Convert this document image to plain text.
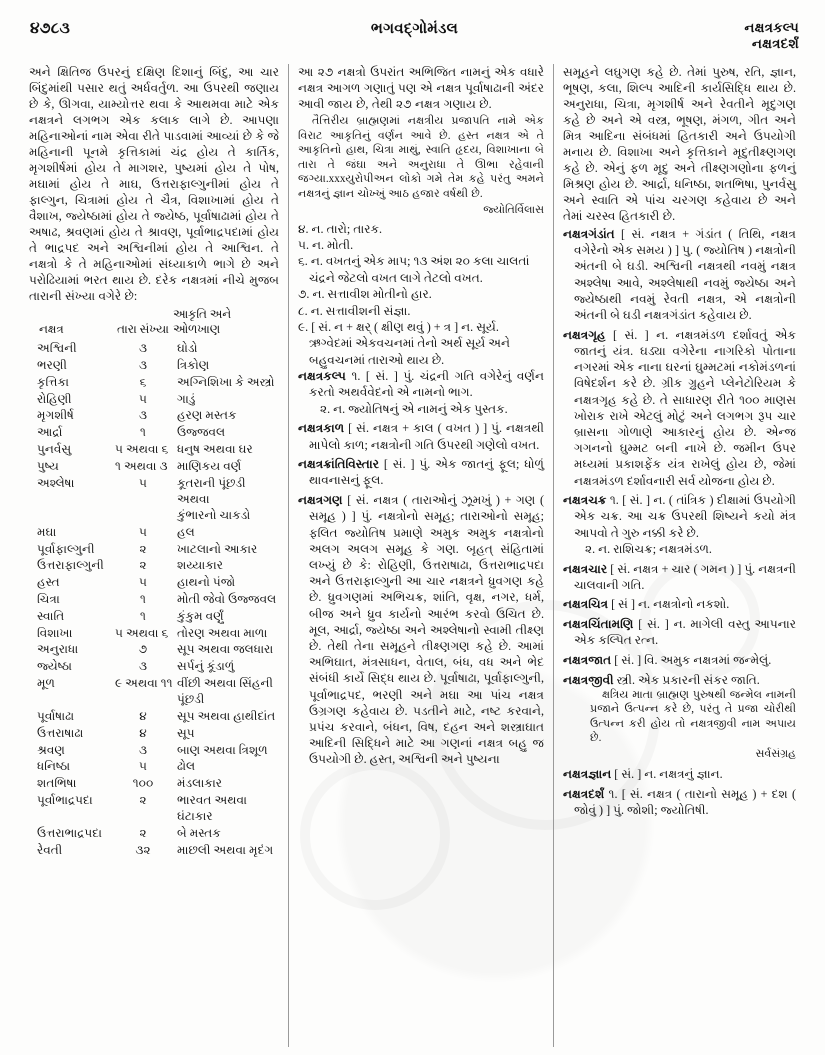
૪૭૮૩	ભગવદ્ગોમંડલ	નક્ષત્રકલ્પ
નક્ષત્રદર્શં

અને ક્ષિતિજ ઉપરનું દક્ષિણ દિશાનું બિંદુ, આ ચાર બિંદુમાંથી પસાર થતું અર્ધવર્તુળ. આ ઉપરથી જણાય છે કે, ઊગવા, યામ્યોત્તર થવા કે આથમવા માટે એક નક્ષત્રને લગભગ એક કલાક લાગે છે. આપણા મહિનાઓનાં નામ એવા રીતે પાડવામાં આવ્યાં છે કે જે મહિનાની પૂનમે કૃત્તિકામાં ચંદ્ર હોય તે કાર્તિક, મૃગશીર્ષમાં હોય તે માગશર, પુષ્યમાં હોય તે પોષ, મઘામાં હોય તે માઘ, ઉત્તરાફાલ્ગુનીમાં હોય તે ફાલ્ગુન, ચિત્રામાં હોય તે ચૈત્ર, વિશાખામાં હોય તે વૈશાખ, જ્યેષ્ઠામાં હોય તે જ્યેષ્ઠ, પૂર્વાષાઢામાં હોય તે અષાઢ, શ્રવણમાં હોય તે શ્રાવણ, પૂર્વાભાદ્રપદામાં હોય તે ભાદ્રપદ અને અશ્વિનીમાં હોય તે આશ્વિન. તે નક્ષત્રો કે તે મહિનાઓમાં સંધ્યાકાળે ભાગે છે અને પરોઢિયામાં ભરત થાય છે. દરેક નક્ષત્રમાં નીચે મુજબ તારાની સંખ્યા વગેરે છે:

નક્ષત્ર	તારા સંખ્યા	આકૃતિ અને ઓળખાણ
અશ્વિની	૩	ઘોડો
ભરણી	૩	ત્રિકોણ
કૃત્તિકા	૬	અગ્નિશિખા કે અસ્ત્રો
રોહિણી	૫	ગાડું
મૃગશીર્ષ	૩	હરણ મસ્તક
આર્દ્રા	૧	ઉજ્જવલ
પુનર્વસુ	૫ અથવા ૬	ધનુષ અથવા ઘર
પુષ્ય	૧ અથવા ૩	માણિકય વર્ણ
અશ્લેષા	૫	કૂતરાની પૂંછડી અથવા
કુંભારનો ચાકડો
મઘા	૫	હલ
પૂર્વાફાલ્ગુની	૨	ખાટલાનો આકાર
ઉત્તરાફાલ્ગુની	૨	શય્યાકાર
હસ્ત	૫	હાથનો પંજો
ચિત્રા	૧	મોતી જેવો ઉજ્જવલ
સ્વાતિ	૧	કુંકુમ વર્ણું
વિશાખા	૫ અથવા ૬	તોરણ અથવા માળા
અનુરાધા	૭	સૂપ અથવા જલધારા
જ્યેષ્ઠા	૩	સર્પનું કૂંડાળું
મૂળ	૯ અથવા ૧૧	વીંછી અથવા સિંહની
પૂંછડી
પૂર્વાષાઢા	૪	સૂપ અથવા હાથીદાંત
ઉત્તરાષાઢા	૪	સૂપ
શ્રવણ	૩	બાણ અથવા ત્રિશૂળ
ધનિષ્ઠા	૫	ઢોલ
શતભિષા	૧૦૦	મંડલાકાર
પૂર્વાભાદ્રપદા	૨	ભારવત અથવા ઘંટાકાર
ઉત્તરાભાદ્રપદા	૨	બે મસ્તક
રેવતી	૩૨	માછલી અથવા મૃદંગ

આ ૨૭ નક્ષત્રો ઉપરાંત અભિજિત નામનું એક વધારે નક્ષત્ર આગળ ગણાતું પણ એ નક્ષત્ર પૂર્વાષાઢાની અંદર આવી જાય છે, તેથી ૨૭ નક્ષત્ર ગણાય છે.

તૈત્તિરીય બ્રાહ્મણમાં નક્ષત્રીય પ્રજાપતિ નામે એક વિરાટ આકૃતિનું વર્ણન આવે છે. હસ્ત નક્ષત્ર એ તે આકૃતિનો હાથ, ચિત્રા માથું, સ્વાતિ હૃદય, વિશાખાના બે તારા તે જંઘા અને અનુરાધા તે ઊભા રહેવાની જગ્યા.xxxયુરોપીઅન લોકો ગમે તેમ કહે પરંતુ અમને નક્ષત્રનું જ્ઞાન ચોખ્ખું આઠ હજાર વર્ષથી છે.

જ્યોતિર્વિલાસ

૪. ન. તારો; તારક.

૫. ન. મોતી.

૬. ન. વખતનું એક માપ; ૧૩ અંશ ૨૦ કલા ચાલતાં ચંદ્રને જેટલો વખત લાગે તેટલો વખત.

૭. ન. સત્તાવીશ મોતીનો હાર.

૮. ન. સત્તાવીશની સંજ્ઞા.

૯. [ સં. ન + ક્ષર્ ( ક્ષીણ થવું ) + ત્ર ] ન. સૂર્ય. ઋગ્વેદમાં એકવચનમાં તેનો અર્થ સૂર્ય અને બહુવચનમાં તારાઓ થાય છે.

નક્ષત્રકલ્પ ૧. [ સં. ] પું. ચંદ્રની ગતિ વગેરેનું વર્ણન કરતો અથર્વવેદનો એ નામનો ભાગ.
૨. ન. જ્યોતિષનું એ નામનું એક પુસ્તક.

નક્ષત્રકાળ [ સં. નક્ષત્ર + કાલ ( વખત ) ] પું. નક્ષત્રથી માપેલો કાળ; નક્ષત્રોની ગતિ ઉપરથી ગણેલો વખત.

નક્ષત્રક્રાંતિવિસ્તાર [ સં. ] પું. એક જાતનું ફૂલ; ધોળું થાવનાસનું ફૂલ.

નક્ષત્રગણ [ સં. નક્ષત્ર ( તારાઓનું ઝૂમખું ) + ગણ ( સમૂહ ) ] પું. નક્ષત્રોનો સમૂહ; તારાઓનો સમૂહ; ફલિત જ્યોતિષ પ્રમાણે અમુક અમુક નક્ષત્રોનો અલગ અલગ સમૂહ કે ગણ. બૃહત્ સંહિતામાં લખ્યું છે કે: રોહિણી, ઉત્તરાષાઢા, ઉત્તરાભાદ્રપદા અને ઉત્તરાફાલ્ગુની આ ચાર નક્ષત્રને ધ્રુવગણ કહે છે. ધ્રુવગણમાં અભિચક્ર, શાંતિ, વૃક્ષ, નગર, ધર્મ, બીજ અને ધ્રુવ કાર્યનો આરંભ કરવો ઉચિત છે. મૂલ, આર્દ્રા, જ્યેષ્ઠા અને અશ્લેષાનો સ્વામી તીક્ષ્ણ છે. તેથી તેના સમૂહને તીક્ષ્ણગણ કહે છે. આમાં અભિઘાત, મંત્રસાધન, વેતાલ, બંધ, વધ અને ભેદ સંબંધી કાર્યે સિદ્ધ થાય છે. પૂર્વાષાઢા, પૂર્વાફાલ્ગુની, પૂર્વાભાદ્રપદ, ભરણી અને મઘા આ પાંચ નક્ષત્ર ઉગ્રગણ કહેવાય છે. પડતીને માટે, નષ્ટ કરવાને, પ્રપંચ કરવાને, બંધન, વિષ, દહન અને શસ્ત્રાઘાત આદિની સિદ્ધિને માટે આ ગણનાં નક્ષત્ર બહુ જ ઉપયોગી છે. હસ્ત, અશ્વિની અને પુષ્યના

સમૂહને લઘુગણ કહે છે. તેમાં પુરુષ, રતિ, જ્ઞાન, ભૂષણ, કલા, શિલ્પ આદિની કાર્યસિદ્ધિ થાય છે. અનુરાધા, ચિત્રા, મૃગશીર્ષ અને રેવતીને મૃદુગણ કહે છે અને એ વસ્ત્ર, ભૂષણ, મંગળ, ગીત અને મિત્ર આદિના સંબંધમાં હિતકારી અને ઉપયોગી મનાય છે. વિશાખા અને કૃત્તિકાને મૃદુતીક્ષ્ણગણ કહે છે. એનું ફળ મૃદુ અને તીક્ષ્ણગણોના ફળનું મિશ્રણ હોય છે. આર્દ્રા, ધનિષ્ઠા, શતભિષા, પુનર્વસુ અને સ્વાતિ એ પાંચ ચરગણ કહેવાય છે અને તેમાં ચરસ્વ હિતકારી છે.

નક્ષત્રગંડાંત [ સં. નક્ષત્ર + ગંડાંત ( તિથિ, નક્ષત્ર વગેરેનો એક સમય ) ] પુ. ( જ્યોતિષ ) નક્ષત્રોની અંતની બે ઘડી. અશ્વિની નક્ષત્રથી નવમું નક્ષત્ર અશ્લેષા આવે, અશ્લેષાથી નવમું જ્યેષ્ઠા અને જ્યેષ્ઠાથી નવમું રેવતી નક્ષત્ર, એ નક્ષત્રોની અંતની બે ઘડી નક્ષત્રગંડાંત કહેવાય છે.

નક્ષત્રગૃહ [ સં. ] ન. નક્ષત્રમંડળ દર્શાવતું એક જાતનું યંત્ર. ઘડ્યા વગેરેના નાગરિકો પોતાના નગરમાં એક નાના ઘરનાં ઘુમ્મટમાં નકોમંડળનાં વિષેદર્શન કરે છે. ગ્રીક ગ્રુહને પ્લેનેટોરિયમ કે નક્ષત્રગૃહ કહે છે. તે સાધારણ રીતે ૧૦૦ માણસ ખોરાક રાખે એટલું મોટું અને લગભગ રૂપ ચાર બ્રાસના ગોળાણે આકારનું હોય છે. એન્જ ગગનનો ઘુમ્મટ બની નાખે છે. જમીન ઉપર મધ્યમાં પ્રકાશફેંક યંત્ર રાખેલું હોય છે, જેમાં નક્ષત્રમંડળ દર્શાવનારી સર્વ યોજના હોય છે.

નક્ષત્રચક્ર ૧. [ સં. ] ન. ( તાંત્રિક ) દીક્ષામાં ઉપયોગી એક ચક્ર. આ ચક્ર ઉપરથી શિષ્યને કયો મંત્ર આપવો તે ગુરુ નક્કી કરે છે.
૨. ન. રાશિચક્ર; નક્ષત્રમંડળ.

નક્ષત્રચાર [ સં. નક્ષત્ર + ચાર ( ગમન ) ] પું. નક્ષત્રની ચાલવાની ગતિ.

નક્ષત્રચિત્ર [ સં ] ન. નક્ષત્રોનો નકશો.

નક્ષત્રચિંતામણિ [ સં. ] ન. માગેલી વસ્તુ આપનાર એક કલ્પિત રત્ન.

નક્ષત્રજાત [ સં. ] વિ. અમુક નક્ષત્રમાં જન્મેલું.

નક્ષત્રજીવી સ્ત્રી. એક પ્રકારની સંકર જાતિ.
ક્ષત્રિય માતા બ્રાહ્મણ પુરુષથી જન્મેલ નામની પ્રજાને ઉત્પન્ન કરે છે, પરંતુ તે પ્રજા ચોરીથી ઉત્પન્ન કરી હોય તો નક્ષત્રજીવી નામ અપાય છે.
સર્વસંગ્રહ

નક્ષત્રજ્ઞાન [ સં. ] ન. નક્ષત્રનું જ્ઞાન.

નક્ષત્રદર્શં ૧. [ સં. નક્ષત્ર ( તારાનો સમૂહ ) + દશ ( જોવું ) ] પું. જોશી; જ્યોતિષી.
